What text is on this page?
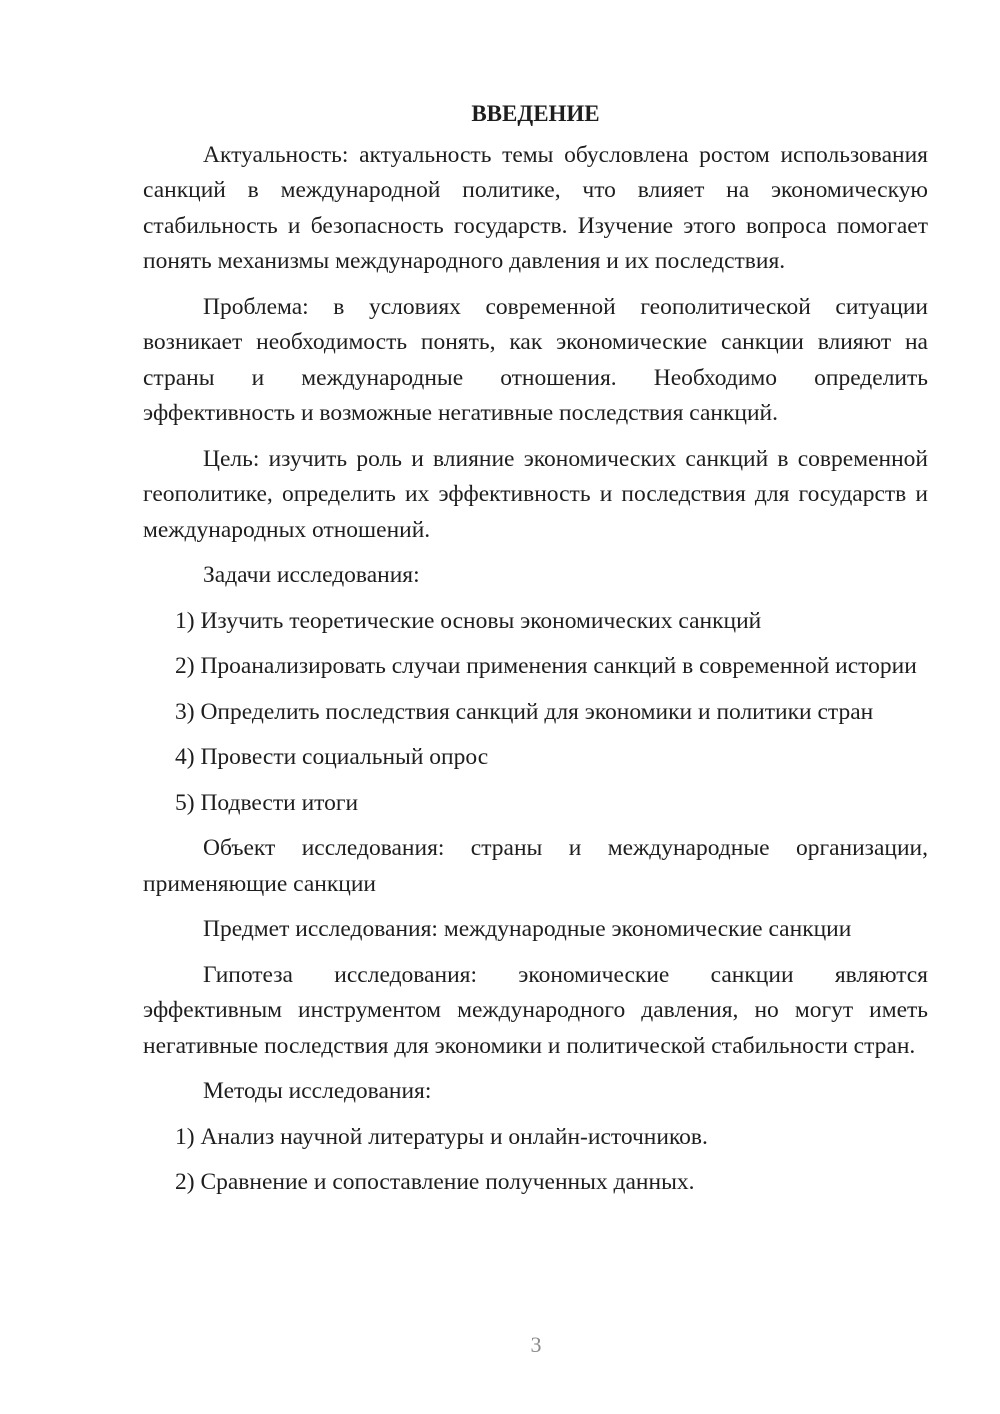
ВВЕДЕНИЕ
Актуальность: актуальность темы обусловлена ростом использования санкций в международной политике, что влияет на экономическую стабильность и безопасность государств. Изучение этого вопроса помогает понять механизмы международного давления и их последствия.
Проблема: в условиях современной геополитической ситуации возникает необходимость понять, как экономические санкции влияют на страны и международные отношения. Необходимо определить эффективность и возможные негативные последствия санкций.
Цель: изучить роль и влияние экономических санкций в современной геополитике, определить их эффективность и последствия для государств и международных отношений.
Задачи исследования:
1) Изучить теоретические основы экономических санкций
2) Проанализировать случаи применения санкций в современной истории
3) Определить последствия санкций для экономики и политики стран
4) Провести социальный опрос
5) Подвести итоги
Объект исследования: страны и международные организации, применяющие санкции
Предмет исследования: международные экономические санкции
Гипотеза исследования: экономические санкции являются эффективным инструментом международного давления, но могут иметь негативные последствия для экономики и политической стабильности стран.
Методы исследования:
1) Анализ научной литературы и онлайн-источников.
2) Сравнение и сопоставление полученных данных.
3
